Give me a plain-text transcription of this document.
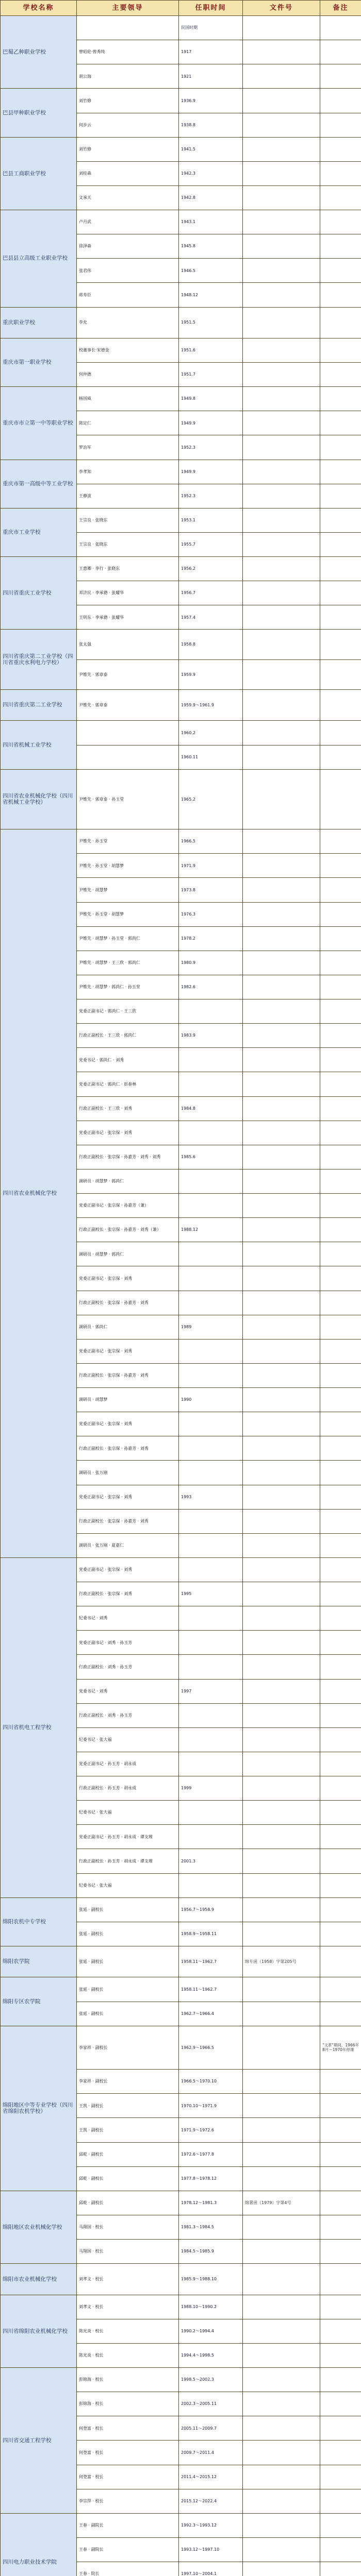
学校名称	主要领导	任职时间	文件号	备注
巴蜀乙种职业学校		民国时期		
	曾昭伦·曾秀纯	1917		
	胡公海	1921		
巴县甲种职业学校	刘竹修	1936.9		
	何步云	1938.8		
巴县工商职业学校	刘竹修	1941.5		
	刘桂森	1942.3		
	文承天	1942.8		
巴县县立高级工业职业学校	卢丹武	1943.1		
	徐泽森	1945.8		
	张君伟	1946.5		
	蒋寿臣	1948.12		
重庆职业学校	李允	1951.5		
重庆市第一职业学校	校董事长·宋德金	1951.6		
	何仲德	1951.7		
重庆市市立第一中等职业学校	杨国威	1949.8		
	陈定仁	1949.9		
	罗治军	1952.3		
重庆市第一高级中等工业学校	李孝知	1949.9		
	王静波	1952.3		
重庆市工业学校	王宗良 · 张晓东	1953.1		
	王宗良 · 张晓东	1955.7		
四川省重庆工业学校	王惠卿 · 李行 · 张晓东	1956.2		
	邓济民 · 李承德 · 张耀华	1956.7		
	王明东 · 李承德 · 张耀华	1957.4		
四川省重庆第二工业学校（四川省重庆水利电力学校）	张太强	1958.8		
	尹维先 · 郭章泰	1959.9		
四川省重庆第二工业学校	尹维先 · 郭章泰	1959.9～1961.9		
四川省机械工业学校		1960.2		
		1960.11		
四川省农业机械化学校（四川省机械工业学校）	尹维先 · 郭章泰 · 孙玉堂	1965.2		
四川省农业机械化学校	尹维先 · 孙玉堂	1966.5		
	尹维先 · 孙玉堂 · 胡慧梦	1971.9		
	尹维先 · 胡慧梦	1973.8		
	尹维先 · 孙玉堂 · 胡慧梦	1976.3		
	尹维先 · 胡慧梦 · 孙玉堂 · 郭尚仁	1978.2		
	尹维先 · 胡慧梦 · 王三欣 · 郭尚仁	1980.9		
	尹维先 · 胡慧梦 · 郭尚仁 · 孙玉堂	1982.6		
	党委正副书记 · 郭尚仁 · 王三欣			
	行政正副校长 · 王三欣 · 郭尚仁	1983.9		
	党委书记 · 郭尚仁 · 刘秀			
	党委正副书记 · 郭尚仁 · 彭春林			
	行政正副校长 · 王三欣 · 刘秀	1984.8		
	党委正副书记 · 张宗保 · 刘秀			
	行政正副校长 · 张宗保 · 孙嘉芳 · 刘秀 · 刘秀	1985.6		
	调研员 · 胡慧梦 · 郭尚仁			
	党委正副书记 · 张宗保 · 孙嘉芳（兼）			
	行政正副校长 · 张宗保 · 孙嘉芳 · 刘秀（兼）	1988.12		
	调研员 · 胡慧梦 · 郭尚仁			
	党委正副书记 · 张宗保 · 刘秀			
	行政正副校长 · 张宗保 · 孙嘉芳 · 刘秀			
	调研员 · 郭尚仁	1989		
	党委正副书记 · 张宗保 · 刘秀			
	行政正副校长 · 张宗保 · 孙嘉芳 · 刘秀			
	调研员 · 胡慧梦	1990		
	党委正副书记 · 张宗保 · 刘秀			
	行政正副校长 · 张宗保 · 孙嘉芳 · 刘秀			
	调研员 · 张万刚			
	党委正副书记 · 张宗保 · 刘秀	1993		
	行政正副校长 · 张宗保 · 孙嘉芳 · 刘秀			
	调研员 · 张万刚 · 夏嘉仁			
四川省机电工程学校	党委正副书记 · 张宗保 · 刘秀			
	行政正副校长 · 张宗保 · 刘秀	1995		
	纪委书记 · 刘秀			
	党委正副书记 · 刘秀 · 孙玉芳			
	行政正副校长 · 刘秀 · 孙玉芳			
	党委书记 · 刘秀	1997		
	行政正副校长 · 刘秀 · 孙玉芳			
	纪委书记 · 张大福			
	党委正副书记 · 孙玉芳 · 胡永成			
	行政正副校长 · 孙玉芳 · 胡永成	1999		
	纪委书记 · 张大福			
	党委正副书记 · 孙玉芳 · 胡永成 · 谭支理			
	行政正副校长 · 孙玉芳 · 胡永成 · 谭支理	2001.3		
	纪委书记 · 张大福			
绵阳农机中专学校	张延 · 副校长	1956.7～1958.9		
	张延 · 副校长	1958.9～1958.11		
绵阳农学院	张延 · 副校长	1958.11～1962.7	绵专函（1958）字第205号	
绵阳专区农学院	张延 · 副校长	1958.11～1962.7		
	张延 · 副校长	1962.7～1966.4		
绵阳地区中等专业学校（四川省绵阳农机学校）	李家祥 · 副校长	1962.9～1966.5		"文革"期间，1966年8月～1970年停课
	李家祥 · 副校长	1966.5～1970.10		
	王凯 · 副校长	1970.10～1971.9		
	王凯 · 副校长	1971.9～1972.6		
	邱乾 · 副校长	1972.6～1977.8		
	邱乾 · 副校长	1977.8～1978.12		
绵阳地区农业机械化学校	邱乾 · 副校长	1978.12～1981.3	绵署函（1979）字第4号	
	马翔国 · 校长	1981.3～1984.5		
	马翔国 · 校长	1984.5～1985.9		
绵阳市农业机械化学校	刘孝文 · 校长	1985.9～1988.10		
四川省绵阳农业机械化学校	刘孝文 · 校长	1988.10～1990.2		
	陈光炎 · 校长	1990.2～1994.4		
	陈光炎 · 校长	1994.4～1998.5		
四川省交通工程学校	彭锦海 · 校长	1998.5～2002.3		
	彭锦海 · 校长	2002.3～2005.11		
	何登富 · 校长	2005.11～2009.7		
	何登富 · 校长	2009.7～2011.4		
	何登富 · 校长	2011.4～2015.12		
	李宗萍 · 校长	2015.12～2022.4		
四川电力职业技术学院	王春 · 副院长	1992.3～1993.12		
	王春 · 副院长	1993.12～1997.10		
	王春 · 院长	1997.10～2004.1		
